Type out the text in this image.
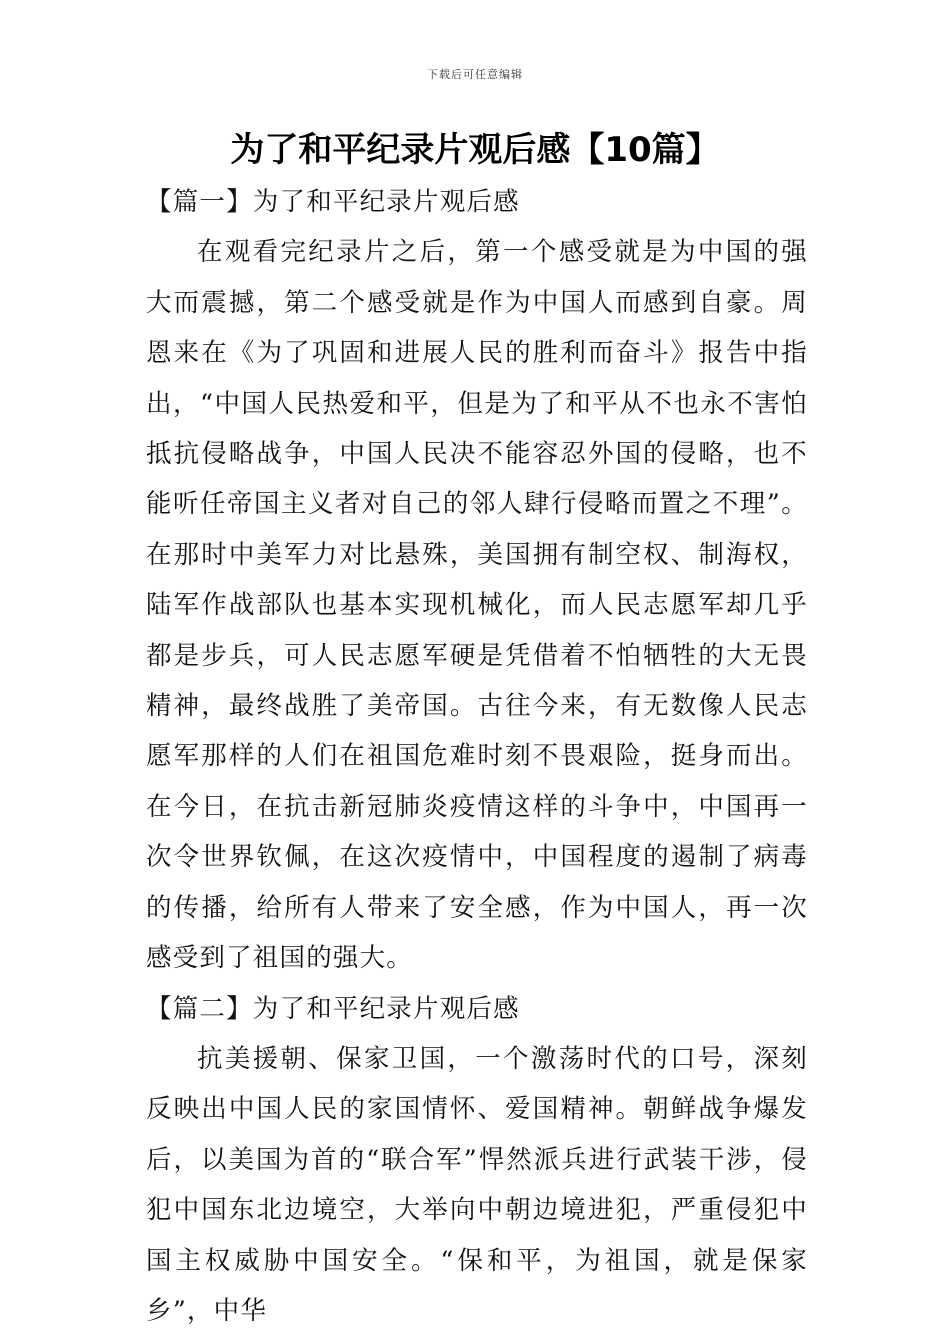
下载后可任意编辑
为了和平纪录片观后感【10篇】
【篇一】为了和平纪录片观后感

在观看完纪录片之后，第一个感受就是为中国的强大而震撼，第二个感受就是作为中国人而感到自豪。周恩来在《为了巩固和进展人民的胜利而奋斗》报告中指出，“中国人民热爱和平，但是为了和平从不也永不害怕抵抗侵略战争，中国人民决不能容忍外国的侵略，也不能听任帝国主义者对自己的邻人肆行侵略而置之不理”。在那时中美军力对比悬殊，美国拥有制空权、制海权，陆军作战部队也基本实现机械化，而人民志愿军却几乎都是步兵，可人民志愿军硬是凭借着不怕牺牲的大无畏精神，最终战胜了美帝国。古往今来，有无数像人民志愿军那样的人们在祖国危难时刻不畏艰险，挺身而出。在今日，在抗击新冠肺炎疫情这样的斗争中，中国再一次令世界钦佩，在这次疫情中，中国程度的遏制了病毒的传播，给所有人带来了安全感，作为中国人，再一次感受到了祖国的强大。

【篇二】为了和平纪录片观后感

抗美援朝、保家卫国，一个激荡时代的口号，深刻反映出中国人民的家国情怀、爱国精神。朝鲜战争爆发后，以美国为首的“联合军”悍然派兵进行武装干涉，侵犯中国东北边境空，大举向中朝边境进犯，严重侵犯中国主权威胁中国安全。“保和平，为祖国，就是保家乡”，中华
